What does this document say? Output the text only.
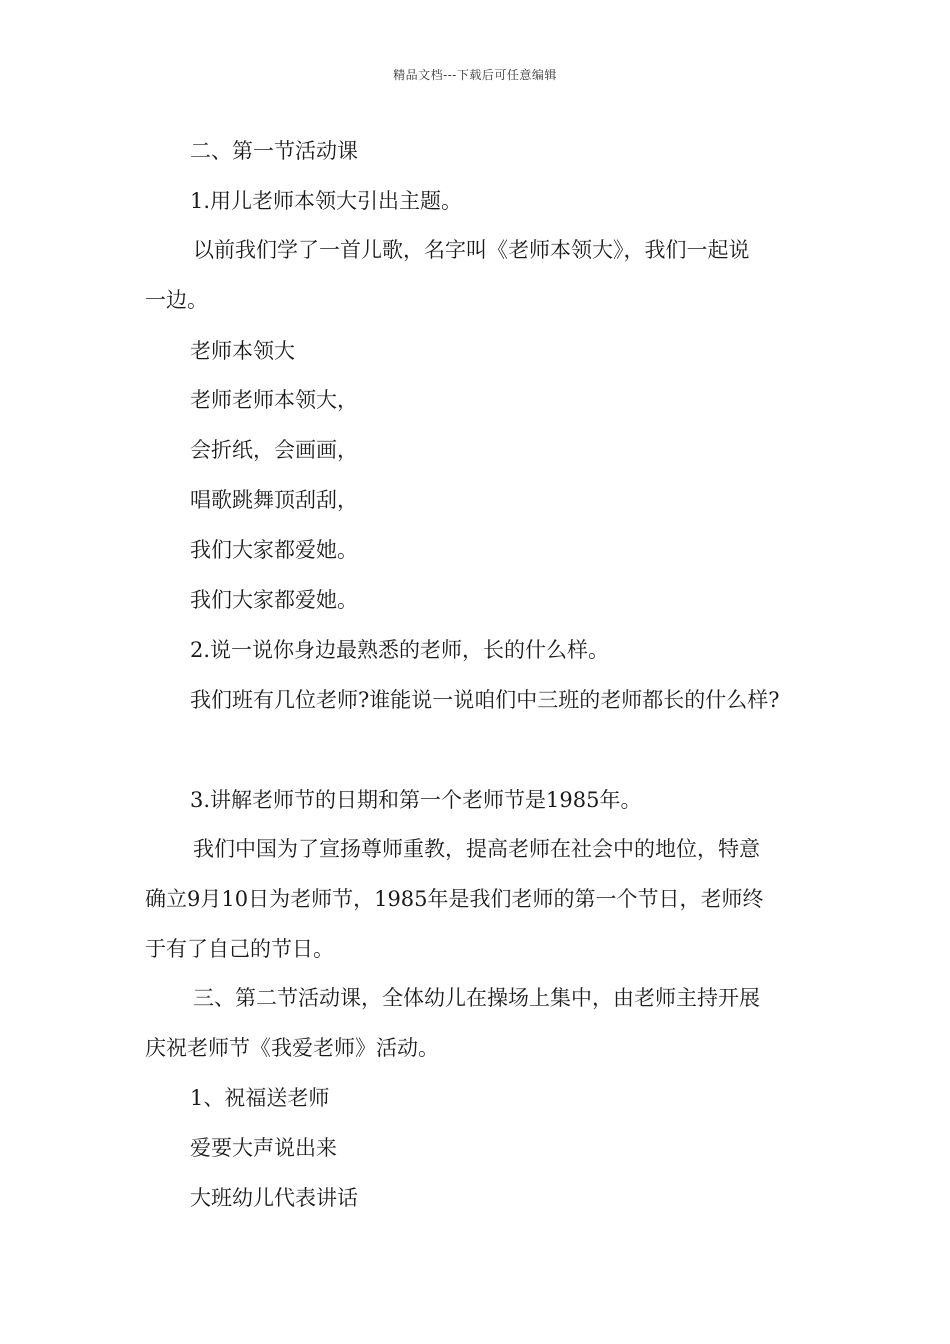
精品文档---下载后可任意编辑
二、第一节活动课
1.用儿老师本领大引出主题。
以前我们学了一首儿歌，名字叫《老师本领大》，我们一起说
一边。
老师本领大
老师老师本领大，
会折纸，会画画，
唱歌跳舞顶刮刮，
我们大家都爱她。
我们大家都爱她。
2.说一说你身边最熟悉的老师，长的什么样。
我们班有几位老师?谁能说一说咱们中三班的老师都长的什么样?
3.讲解老师节的日期和第一个老师节是1985年。
我们中国为了宣扬尊师重教，提高老师在社会中的地位，特意
确立9月10日为老师节，1985年是我们老师的第一个节日，老师终
于有了自己的节日。
三、第二节活动课，全体幼儿在操场上集中，由老师主持开展
庆祝老师节《我爱老师》活动。
1、祝福送老师
爱要大声说出来
大班幼儿代表讲话
